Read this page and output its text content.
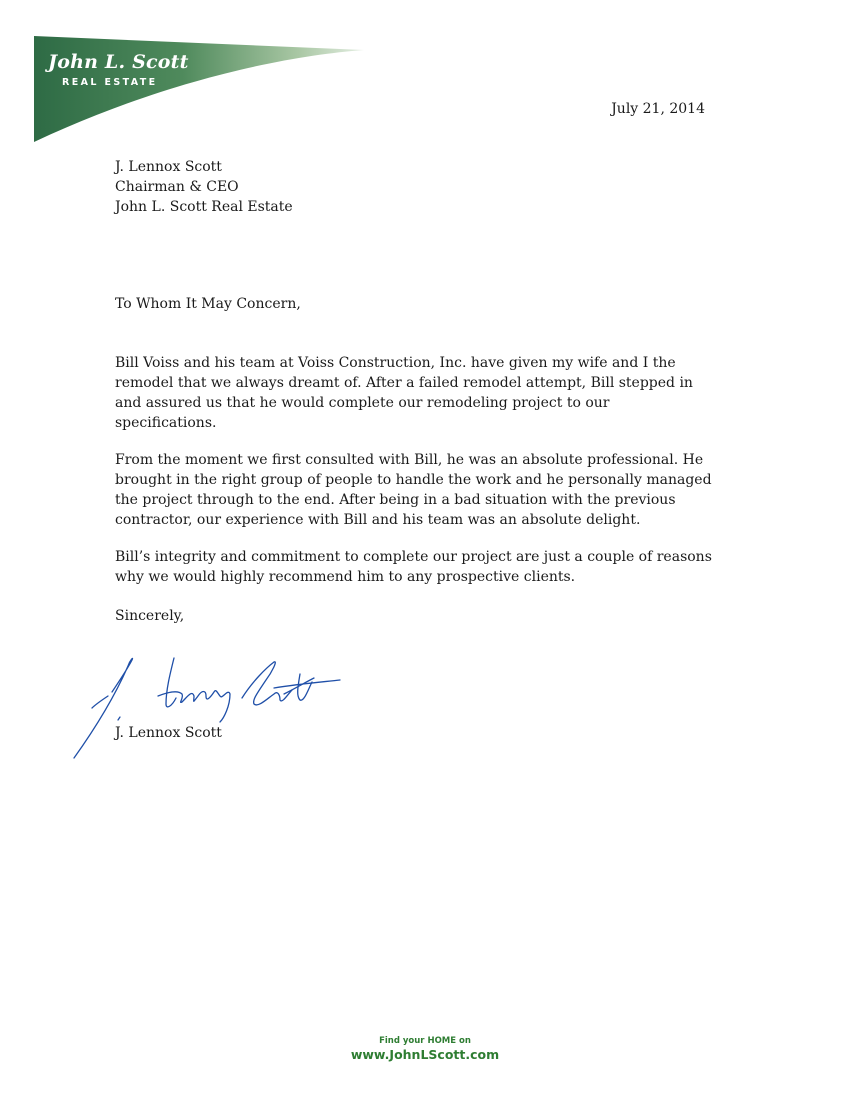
John L. Scott
REAL ESTATE
July 21, 2014
J. Lennox Scott
Chairman & CEO
John L. Scott Real Estate
To Whom It May Concern,

Bill Voiss and his team at Voiss Construction, Inc. have given my wife and I the remodel that we always dreamt of. After a failed remodel attempt, Bill stepped in and assured us that he would complete our remodeling project to our specifications.

From the moment we first consulted with Bill, he was an absolute professional. He brought in the right group of people to handle the work and he personally managed the project through to the end. After being in a bad situation with the previous contractor, our experience with Bill and his team was an absolute delight.

Bill’s integrity and commitment to complete our project are just a couple of reasons why we would highly recommend him to any prospective clients.

Sincerely,
J. Lennox Scott
Find your HOME on
www.JohnLScott.com
